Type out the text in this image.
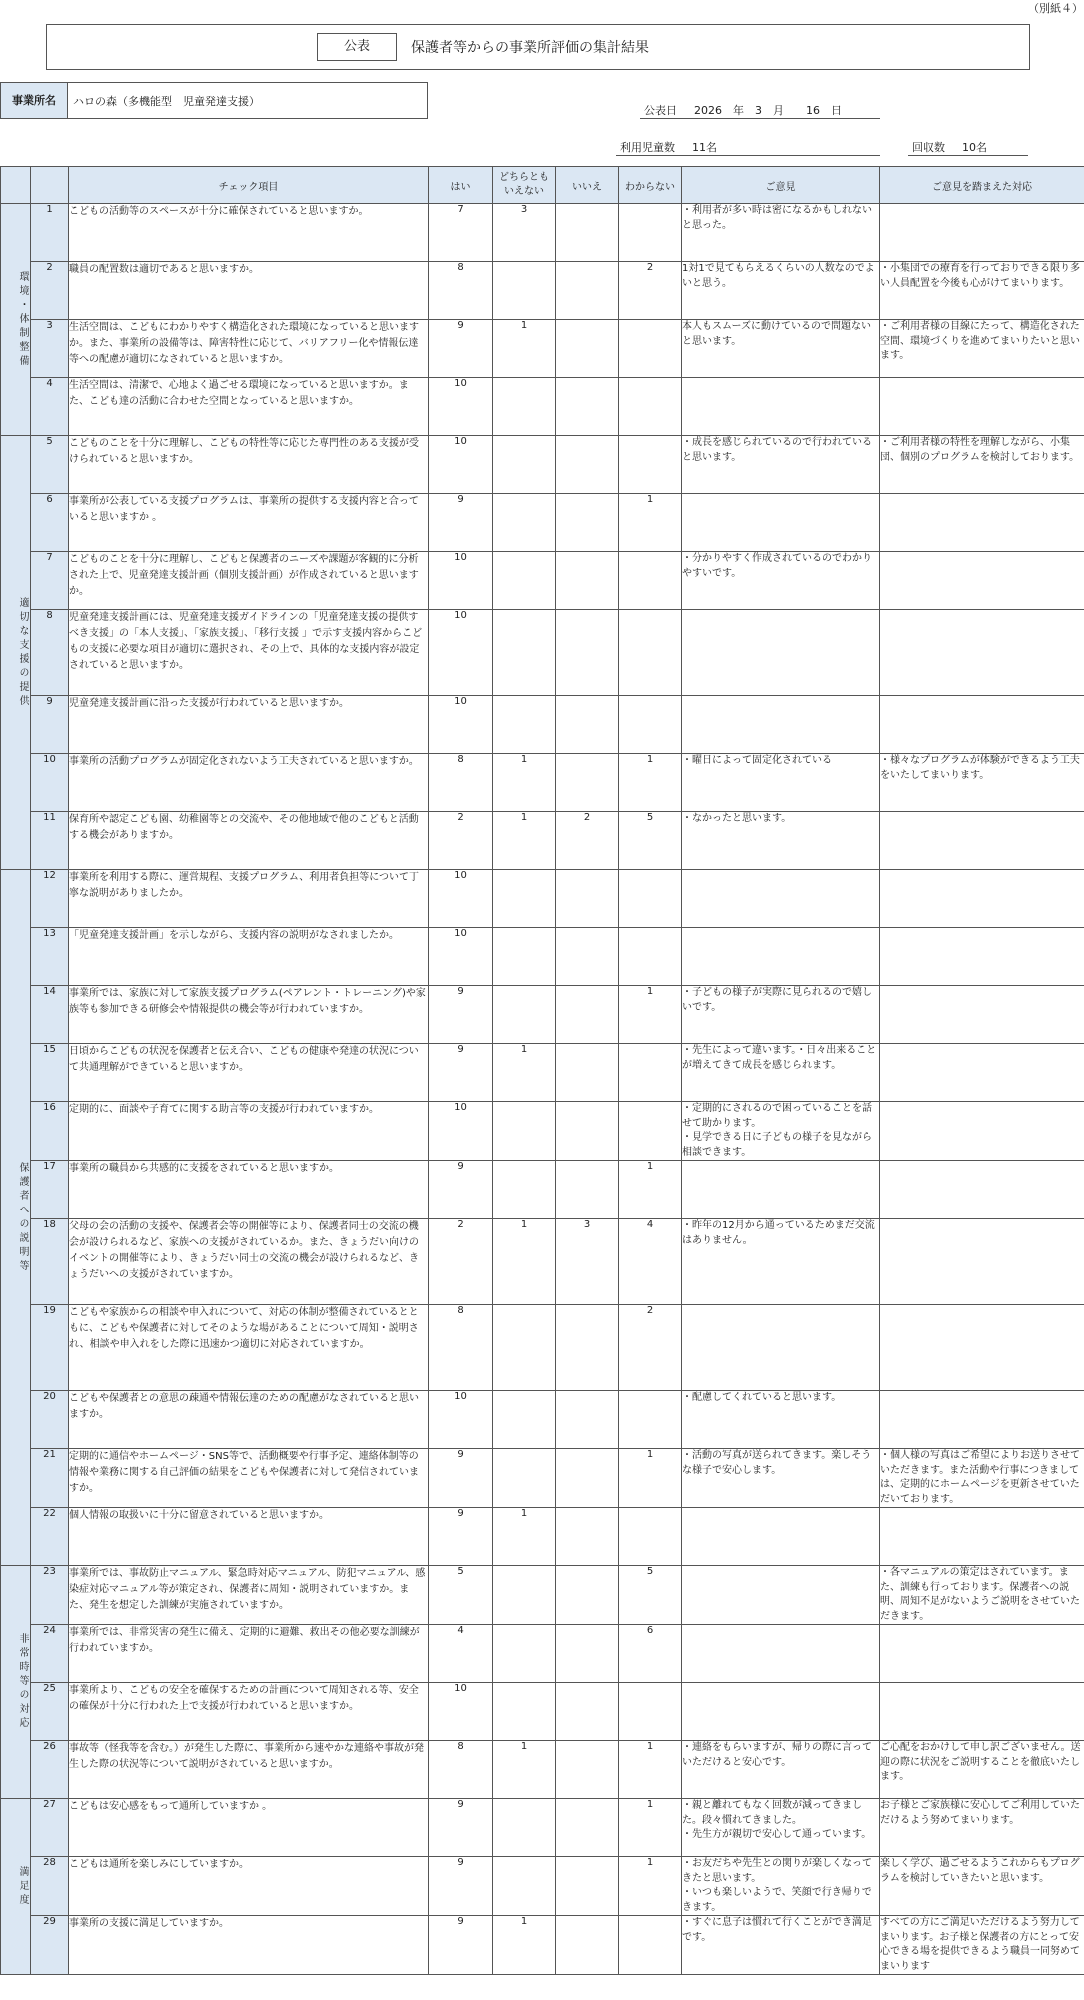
（別紙４）
公表	保護者等からの事業所評価の集計結果
事業所名	ハロの森（多機能型　児童発達支援）
公表日 2026　年　3　月　　16　日
利用児童数 11名	回収数 10名
		チェック項目	はい	どちらとも
いえない	いいえ	わからない	ご意見	ご意見を踏まえた対応
環境・体制整備	1	こどもの活動等のスペースが十分に確保されていると思いますか。	7	3			・利用者が多い時は密になるかもしれないと思った。	
	2	職員の配置数は適切であると思いますか。	8			2	1対1で見てもらえるくらいの人数なのでよいと思う。	・小集団での療育を行っておりできる限り多い人員配置を今後も心がけてまいります。
	3	生活空間は、こどもにわかりやすく構造化された環境になっていると思いますか。また、事業所の設備等は、障害特性に応じて、バリアフリー化や情報伝達等への配慮が適切になされていると思いますか。	9	1			本人もスムーズに動けているので問題ないと思います。	・ご利用者様の目線にたって、構造化された空間、環境づくりを進めてまいりたいと思います。
	4	生活空間は、清潔で、心地よく過ごせる環境になっていると思いますか。また、こども達の活動に合わせた空間となっていると思いますか。	10					
適切な支援の提供	5	こどものことを十分に理解し、こどもの特性等に応じた専門性のある支援が受けられていると思いますか。	10				・成長を感じられているので行われていると思います。	・ご利用者様の特性を理解しながら、小集団、個別のプログラムを検討しております。
	6	事業所が公表している支援プログラムは、事業所の提供する支援内容と合っていると思いますか 。	9			1		
	7	こどものことを十分に理解し、こどもと保護者のニーズや課題が客観的に分析された上で、児童発達支援計画（個別支援計画）が作成されていると思いますか。	10				・分かりやすく作成されているのでわかりやすいです。	
	8	児童発達支援計画には、児童発達支援ガイドラインの「児童発達支援の提供すべき支援」の「本人支援」、「家族支援」、「移行支援 」で示す支援内容からこどもの支援に必要な項目が適切に選択され、その上で、具体的な支援内容が設定されていると思いますか。	10					
	9	児童発達支援計画に沿った支援が行われていると思いますか。	10					
	10	事業所の活動プログラムが固定化されないよう工夫されていると思いますか。	8	1		1	・曜日によって固定化されている	・様々なプログラムが体験ができるよう工夫をいたしてまいります。
	11	保育所や認定こども園、幼稚園等との交流や、その他地域で他のこどもと活動する機会がありますか。	2	1	2	5	・なかったと思います。	
保護者への説明等	12	事業所を利用する際に、運営規程、支援プログラム、利用者負担等について丁寧な説明がありましたか。	10					
	13	「児童発達支援計画」を示しながら、支援内容の説明がなされましたか。	10					
	14	事業所では、家族に対して家族支援プログラム(ペアレント・トレーニング)や家族等も参加できる研修会や情報提供の機会等が行われていますか。	9			1	・子どもの様子が実際に見られるので嬉しいです。	
	15	日頃からこどもの状況を保護者と伝え合い、こどもの健康や発達の状況について共通理解ができていると思いますか。	9	1			・先生によって違います。・日々出来ることが増えてきて成長を感じられます。	
	16	定期的に、面談や子育てに関する助言等の支援が行われていますか。	10				・定期的にされるので困っていることを話せて助かります。
・見学できる日に子どもの様子を見ながら相談できます。	
	17	事業所の職員から共感的に支援をされていると思いますか。	9			1		
	18	父母の会の活動の支援や、保護者会等の開催等により、保護者同士の交流の機会が設けられるなど、家族への支援がされているか。また、きょうだい向けのイベントの開催等により、きょうだい同士の交流の機会が設けられるなど、きょうだいへの支援がされていますか。	2	1	3	4	・昨年の12月から通っているためまだ交流はありません。	
	19	こどもや家族からの相談や申入れについて、対応の体制が整備されているとともに、こどもや保護者に対してそのような場があることについて周知・説明され、相談や申入れをした際に迅速かつ適切に対応されていますか。	8			2		
	20	こどもや保護者との意思の疎通や情報伝達のための配慮がなされていると思いますか。	10				・配慮してくれていると思います。	
	21	定期的に通信やホームページ・SNS等で、活動概要や行事予定、連絡体制等の情報や業務に関する自己評価の結果をこどもや保護者に対して発信されていますか。	9			1	・活動の写真が送られてきます。楽しそうな様子で安心します。	・個人様の写真はご希望によりお送りさせていただきます。また活動や行事につきましては、定期的にホームページを更新させていただいております。
	22	個人情報の取扱いに十分に留意されていると思いますか。	9	1				
非常時等の対応	23	事業所では、事故防止マニュアル、緊急時対応マニュアル、防犯マニュアル、感染症対応マニュアル等が策定され、保護者に周知・説明されていますか。また、発生を想定した訓練が実施されていますか。	5			5		・各マニュアルの策定はされています。また、訓練も行っております。保護者への説明、周知不足がないようご説明をさせていただきます。
	24	事業所では、非常災害の発生に備え、定期的に避難、救出その他必要な訓練が行われていますか。	4			6		
	25	事業所より、こどもの安全を確保するための計画について周知される等、安全の確保が十分に行われた上で支援が行われていると思いますか。	10					
	26	事故等（怪我等を含む。）が発生した際に、事業所から速やかな連絡や事故が発生した際の状況等について説明がされていると思いますか。	8	1		1	・連絡をもらいますが、帰りの際に言っていただけると安心です。	ご心配をおかけして申し訳ございません。送迎の際に状況をご説明することを徹底いたします。
満足度	27	こどもは安心感をもって通所していますか 。	9			1	・親と離れてもなく回数が減ってきました。段々慣れてきました。
・先生方が親切で安心して通っています。	お子様とご家族様に安心してご利用していただけるよう努めてまいります。
	28	こどもは通所を楽しみにしていますか。	9			1	・お友だちや先生との関りが楽しくなってきたと思います。
・いつも楽しいようで、笑顔で行き帰りできます。	楽しく学び、過ごせるようこれからもプログラムを検討していきたいと思います。
	29	事業所の支援に満足していますか。	9	1			・すぐに息子は慣れて行くことができ満足です。	すべての方にご満足いただけるよう努力してまいります。お子様と保護者の方にとって安心できる場を提供できるよう職員一同努めてまいります
